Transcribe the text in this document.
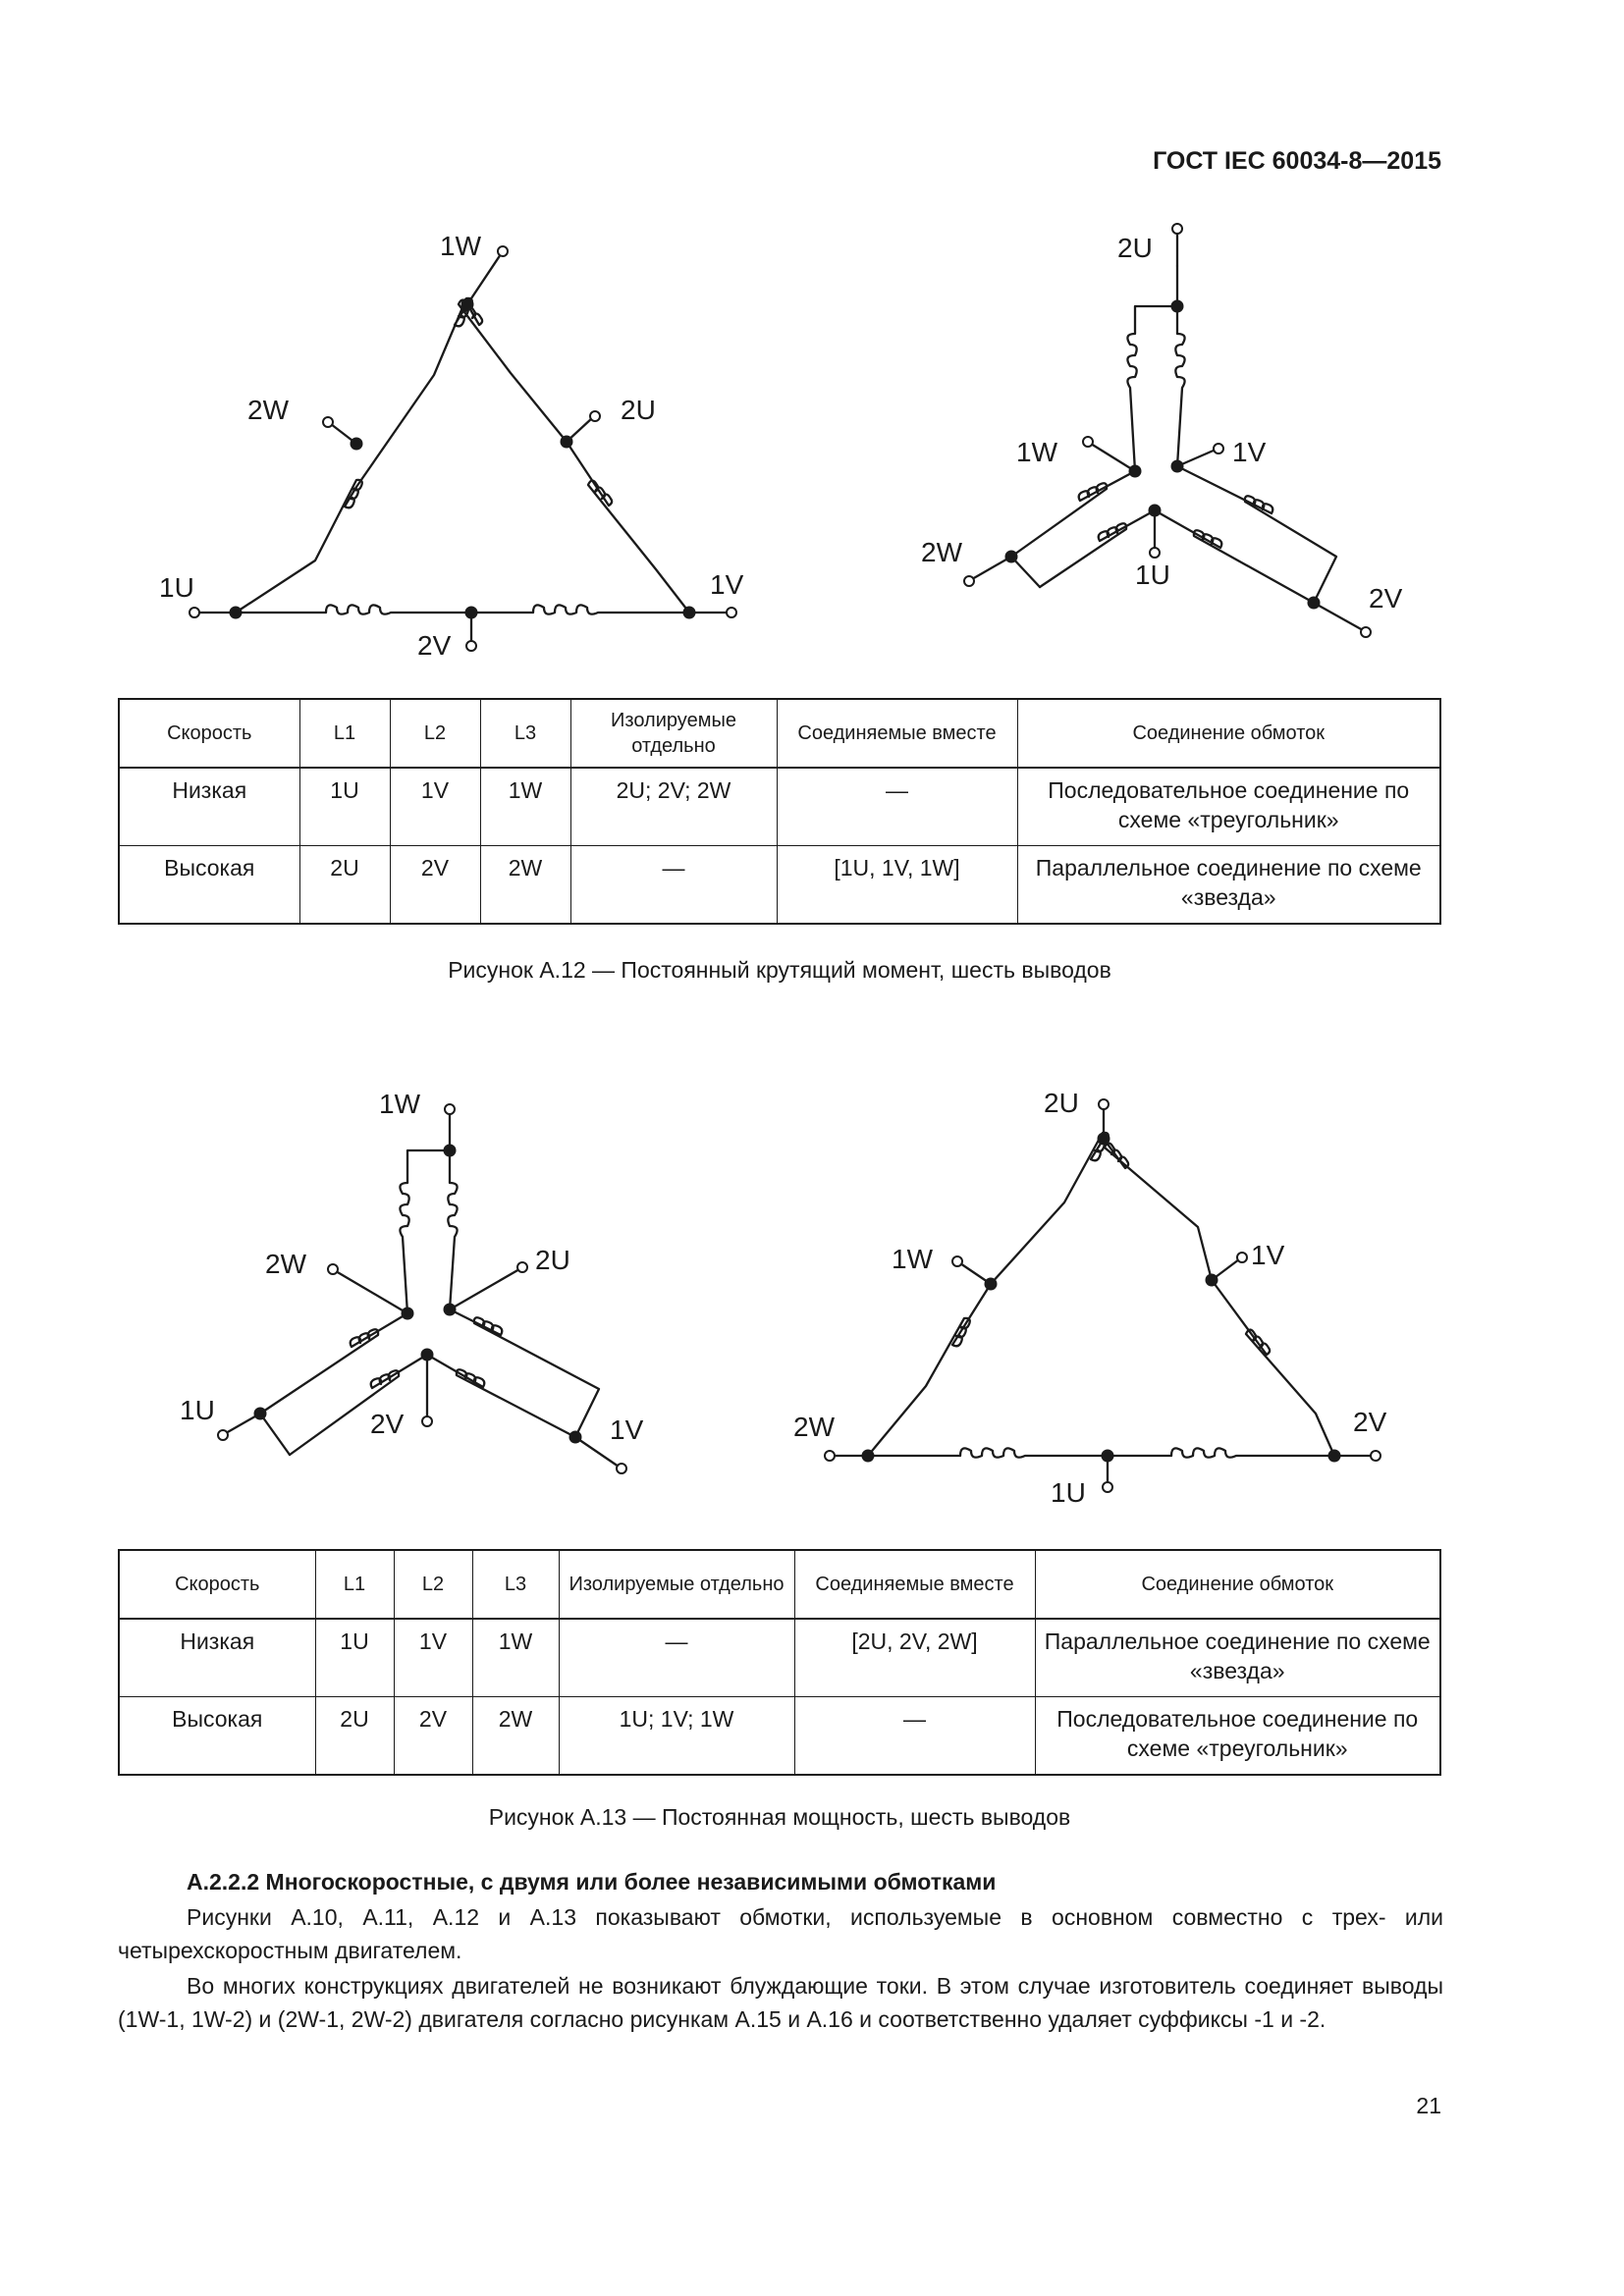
ГОСТ IEC 60034-8—2015
1W
2W	2U
1U	1V
2V
2U
1W	1V
2W
1U
2V
Скорость	L1	L2	L3	Изолируемые отдельно	Соединяемые вместе	Соединение обмоток
Низкая	1U	1V	1W	2U; 2V; 2W	—	Последовательное соединение по схеме «треугольник»
Высокая	2U	2V	2W	—	[1U, 1V, 1W]	Параллельное соединение по схеме «звезда»
Рисунок А.12 — Постоянный крутящий момент, шесть выводов
1W
2W	2U
1U	2V	1V
2U
1W	1V
2W	2V
1U
Скорость	L1	L2	L3	Изолируемые отдельно	Соединяемые вместе	Соединение обмоток
Низкая	1U	1V	1W	—	[2U, 2V, 2W]	Параллельное соединение по схеме «звезда»
Высокая	2U	2V	2W	1U; 1V; 1W	—	Последовательное соединение по схеме «треугольник»
Рисунок А.13 — Постоянная мощность, шесть выводов
А.2.2.2 Многоскоростные, с двумя или более независимыми обмотками
Рисунки А.10, А.11, А.12 и А.13 показывают обмотки, используемые в основном совместно с трех- или четырехскоростным двигателем.
Во многих конструкциях двигателей не возникают блуждающие токи. В этом случае изготовитель соединяет выводы (1W-1, 1W-2) и (2W-1, 2W-2) двигателя согласно рисункам А.15 и А.16 и соответственно удаляет суффиксы -1 и -2.
21
